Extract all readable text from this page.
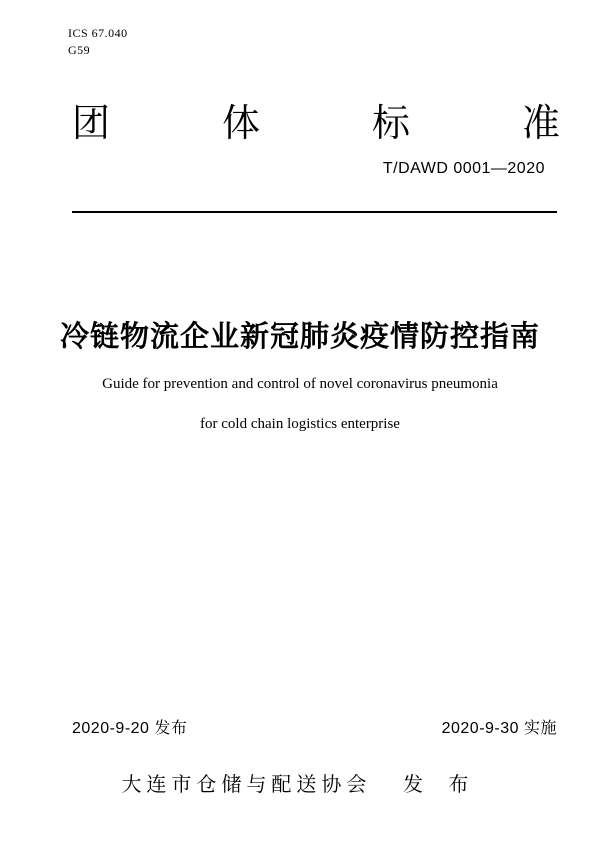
ICS 67.040
G59
团	体	标	准
T/DAWD 0001—2020
冷链物流企业新冠肺炎疫情防控指南
Guide for prevention and control of novel coronavirus pneumonia
for cold chain logistics enterprise
2020-9-20 发布	2020-9-30 实施
大连市仓储与配送协会 发 布
